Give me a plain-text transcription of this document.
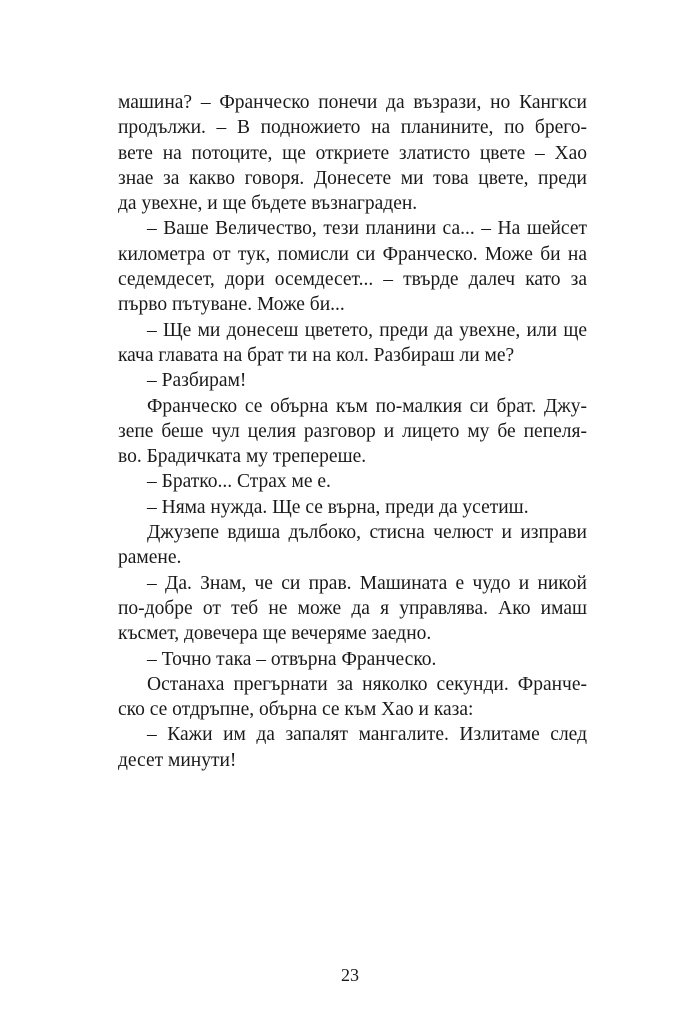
машина? – Франческо понечи да възрази, но Кангкси
продължи. – В подножието на планините, по брего-
вете на потоците, ще откриете златисто цвете – Хао
знае за какво говоря. Донесете ми това цвете, преди
да увехне, и ще бъдете възнаграден.
– Ваше Величество, тези планини са... – На шейсет
километра от тук, помисли си Франческо. Може би на
седемдесет, дори осемдесет... – твърде далеч като за
първо пътуване. Може би...
– Ще ми донесеш цветето, преди да увехне, или ще
кача главата на брат ти на кол. Разбираш ли ме?
– Разбирам!
Франческо се обърна към по-малкия си брат. Джу-
зепе беше чул целия разговор и лицето му бе пепеля-
во. Брадичката му трепереше.
– Братко... Страх ме е.
– Няма нужда. Ще се върна, преди да усетиш.
Джузепе вдиша дълбоко, стисна челюст и изправи
рамене.
– Да. Знам, че си прав. Машината е чудо и никой
по-добре от теб не може да я управлява. Ако имаш
късмет, довечера ще вечеряме заедно.
– Точно така – отвърна Франческо.
Останаха прегърнати за няколко секунди. Франче-
ско се отдръпне, обърна се към Хао и каза:
– Кажи им да запалят мангалите. Излитаме след
десет минути!
23
